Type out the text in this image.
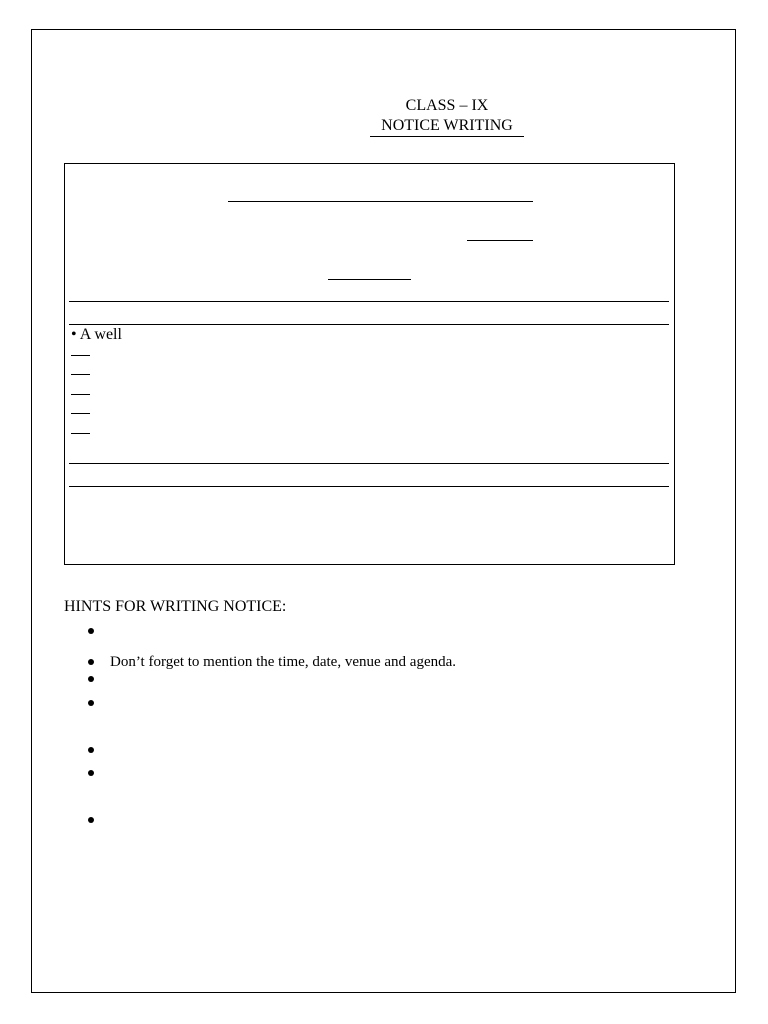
CLASS – IX
NOTICE WRITING
• A well
HINTS FOR WRITING NOTICE:
Don’t forget to mention the time, date, venue and agenda.
